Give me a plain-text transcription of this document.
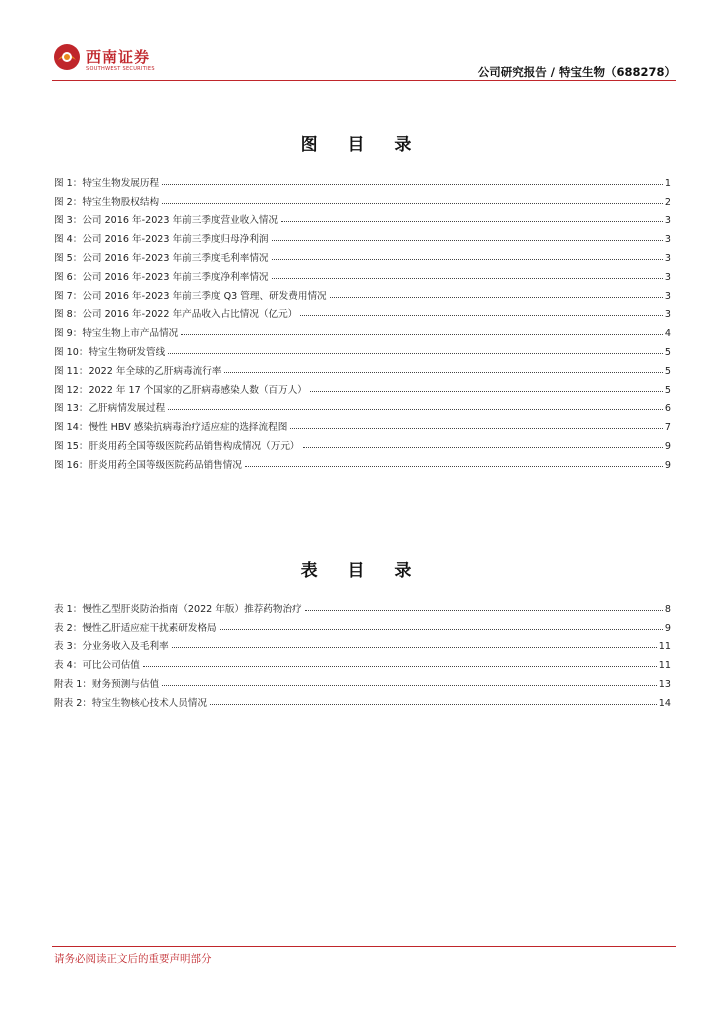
西南证券
SOUTHWEST SECURITIES	公司研究报告 / 特宝生物（688278）
图 目 录
图 1：特宝生物发展历程	1
图 2：特宝生物股权结构	2
图 3：公司 2016 年-2023 年前三季度营业收入情况	3
图 4：公司 2016 年-2023 年前三季度归母净利润	3
图 5：公司 2016 年-2023 年前三季度毛利率情况	3
图 6：公司 2016 年-2023 年前三季度净利率情况	3
图 7：公司 2016 年-2023 年前三季度 Q3 管理、研发费用情况	3
图 8：公司 2016 年-2022 年产品收入占比情况（亿元）	3
图 9：特宝生物上市产品情况	4
图 10：特宝生物研发管线	5
图 11：2022 年全球的乙肝病毒流行率	5
图 12：2022 年 17 个国家的乙肝病毒感染人数（百万人）	5
图 13：乙肝病情发展过程	6
图 14：慢性 HBV 感染抗病毒治疗适应症的选择流程图	7
图 15：肝炎用药全国等级医院药品销售构成情况（万元）	9
图 16：肝炎用药全国等级医院药品销售情况	9
表 目 录
表 1：慢性乙型肝炎防治指南（2022 年版）推荐药物治疗	8
表 2：慢性乙肝适应症干扰素研发格局	9
表 3：分业务收入及毛利率	11
表 4：可比公司估值	11
附表 1：财务预测与估值	13
附表 2：特宝生物核心技术人员情况	14
请务必阅读正文后的重要声明部分
